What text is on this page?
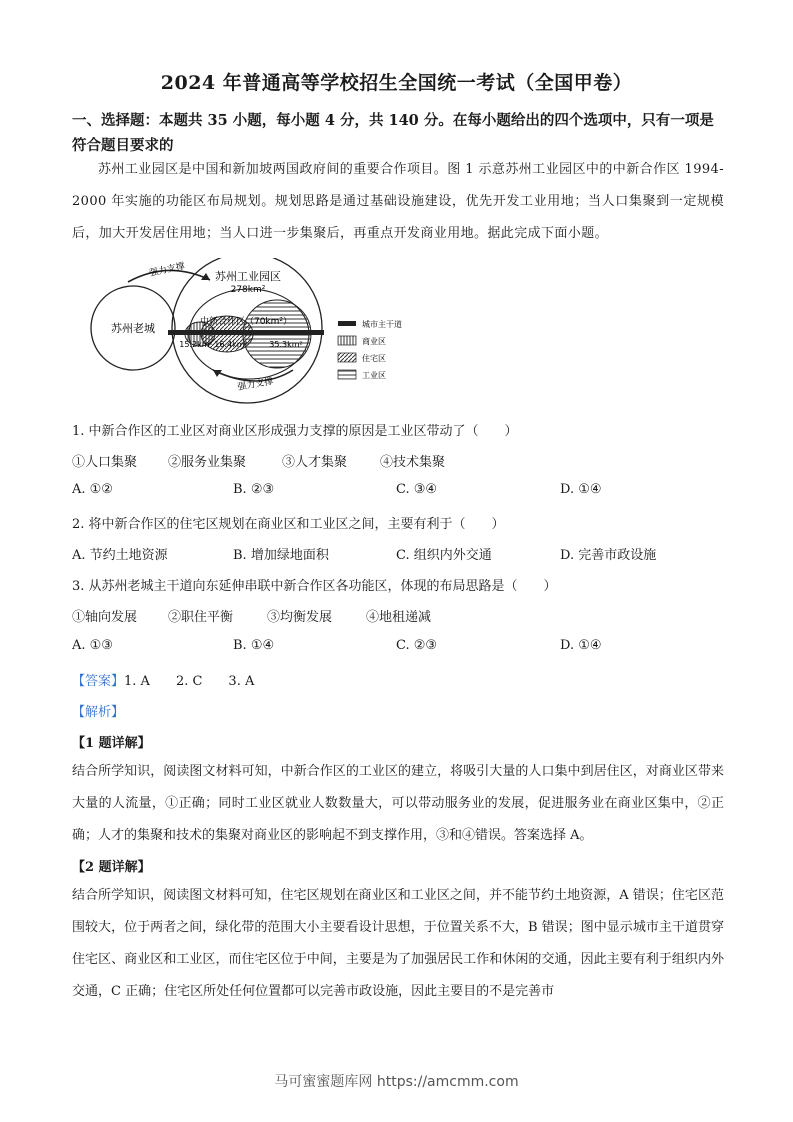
2024 年普通高等学校招生全国统一考试（全国甲卷）
一、选择题：本题共 35 小题，每小题 4 分，共 140 分。在每小题给出的四个选项中，只有一项是符合题目要求的
苏州工业园区是中国和新加坡两国政府间的重要合作项目。图 1 示意苏州工业园区中的中新合作区 1994-2000 年实施的功能区布局规划。规划思路是通过基础设施建设，优先开发工业用地；当人口集聚到一定规模后，加大开发居住用地；当人口进一步集聚后，再重点开发商业用地。据此完成下面小题。
苏州老城
苏州工业园区
278km²
中新合作区（70km²）
15.2km² 16.4km²	35.3km²
强力支撑
强力支撑
城市主干道
商业区
住宅区
工业区
1. 中新合作区的工业区对商业区形成强力支撑的原因是工业区带动了（　　）
①人口集聚 ②服务业集聚	③人才集聚	④技术集聚
A. ①②	B. ②③	C. ③④	D. ①④
2. 将中新合作区的住宅区规划在商业区和工业区之间，主要有利于（　　）
A. 节约土地资源	B. 增加绿地面积	C. 组织内外交通	D. 完善市政设施
3. 从苏州老城主干道向东延伸串联中新合作区各功能区，体现的布局思路是（　　）
①轴向发展 ②职住平衡	③均衡发展	④地租递减
A. ①③	B. ①④	C. ②③	D. ①④
【答案】1. A　　2. C　　3. A
【解析】
【1 题详解】
结合所学知识，阅读图文材料可知，中新合作区的工业区的建立，将吸引大量的人口集中到居住区，对商业区带来大量的人流量，①正确；同时工业区就业人数数量大，可以带动服务业的发展，促进服务业在商业区集中，②正确；人才的集聚和技术的集聚对商业区的影响起不到支撑作用，③和④错误。答案选择 A。
【2 题详解】
结合所学知识，阅读图文材料可知，住宅区规划在商业区和工业区之间，并不能节约土地资源，A 错误；住宅区范围较大，位于两者之间，绿化带的范围大小主要看设计思想，于位置关系不大，B 错误；图中显示城市主干道贯穿住宅区、商业区和工业区，而住宅区位于中间，主要是为了加强居民工作和休闲的交通，因此主要有利于组织内外交通，C 正确；住宅区所处任何位置都可以完善市政设施，因此主要目的不是完善市
马可蜜蜜题库网 https://amcmm.com
